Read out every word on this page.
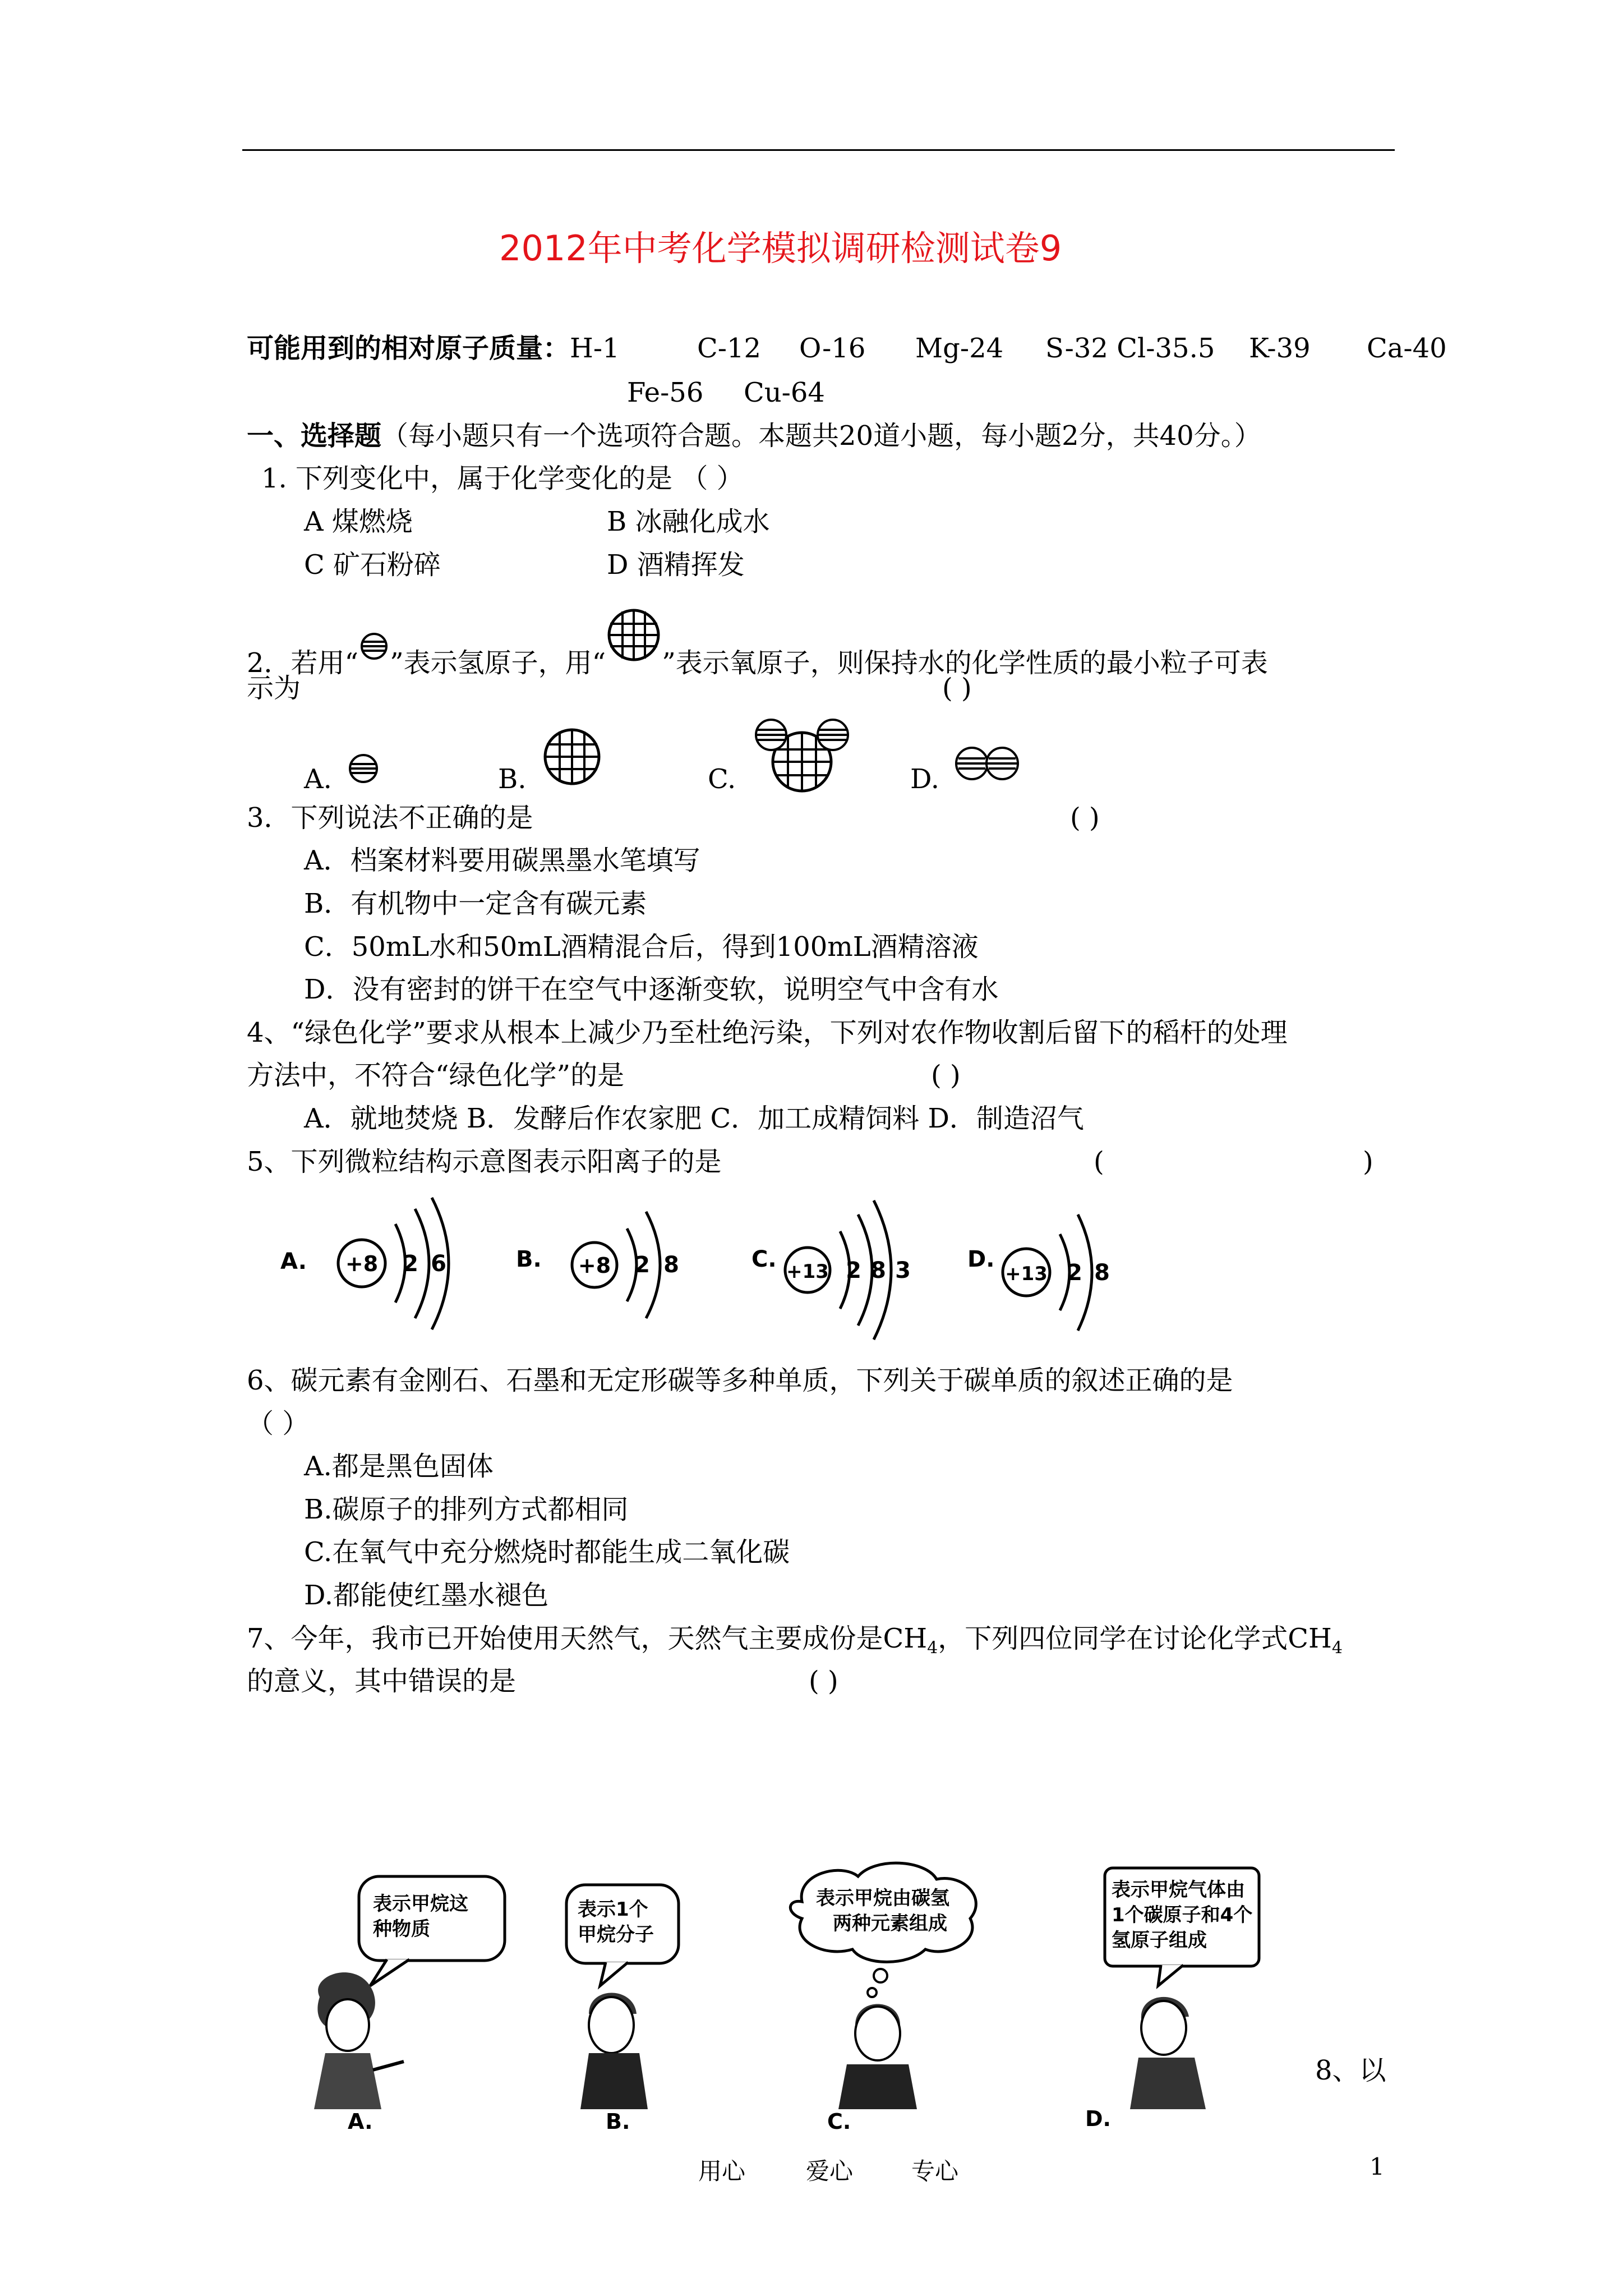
2012年中考化学模拟调研检测试卷9
可能用到的相对原子质量：H-1	C-12 O-16 Mg-24 S-32 Cl-35.5 K-39 Ca-40
Fe-56 Cu-64
一、选择题（每小题只有一个选项符合题。本题共20道小题，每小题2分，共40分。）
1. 下列变化中，属于化学变化的是 （ ）
A 煤燃烧	B 冰融化成水
C 矿石粉碎	D 酒精挥发
2．若用“ ”表示氢原子，用“ ”表示氧原子，则保持水的化学性质的最小粒子可表
示为	( )
A.	B.	C.	D.
3．下列说法不正确的是	( )
A．档案材料要用碳黑墨水笔填写
B．有机物中一定含有碳元素
C．50mL水和50mL酒精混合后，得到100mL酒精溶液
D．没有密封的饼干在空气中逐渐变软，说明空气中含有水
4、“绿色化学”要求从根本上减少乃至杜绝污染，下列对农作物收割后留下的稻杆的处理
方法中，不符合“绿色化学”的是	( )
A．就地焚烧 B．发酵后作农家肥 C．加工成精饲料 D．制造沼气
5、下列微粒结构示意图表示阳离子的是	(	)
A. +8 2 6	B. +8 2 8	C. +13 2 8 3	D.
+13 2 8
6、碳元素有金刚石、石墨和无定形碳等多种单质，下列关于碳单质的叙述正确的是
（ ）
A.都是黑色固体
B.碳原子的排列方式都相同
C.在氧气中充分燃烧时都能生成二氧化碳
D.都能使红墨水褪色
7、今年，我市已开始使用天然气，天然气主要成份是$CH_4$，下列四位同学在讨论化学式$CH_4$
的意义，其中错误的是	( )
表示甲烷这
种物质
A.
表示1个
甲烷分子
B.
表示甲烷由碳氢
两种元素组成
C.
表示甲烷气体由
1个碳原子和4个
氢原子组成
D.
8、以
用心	爱心 专心	1
